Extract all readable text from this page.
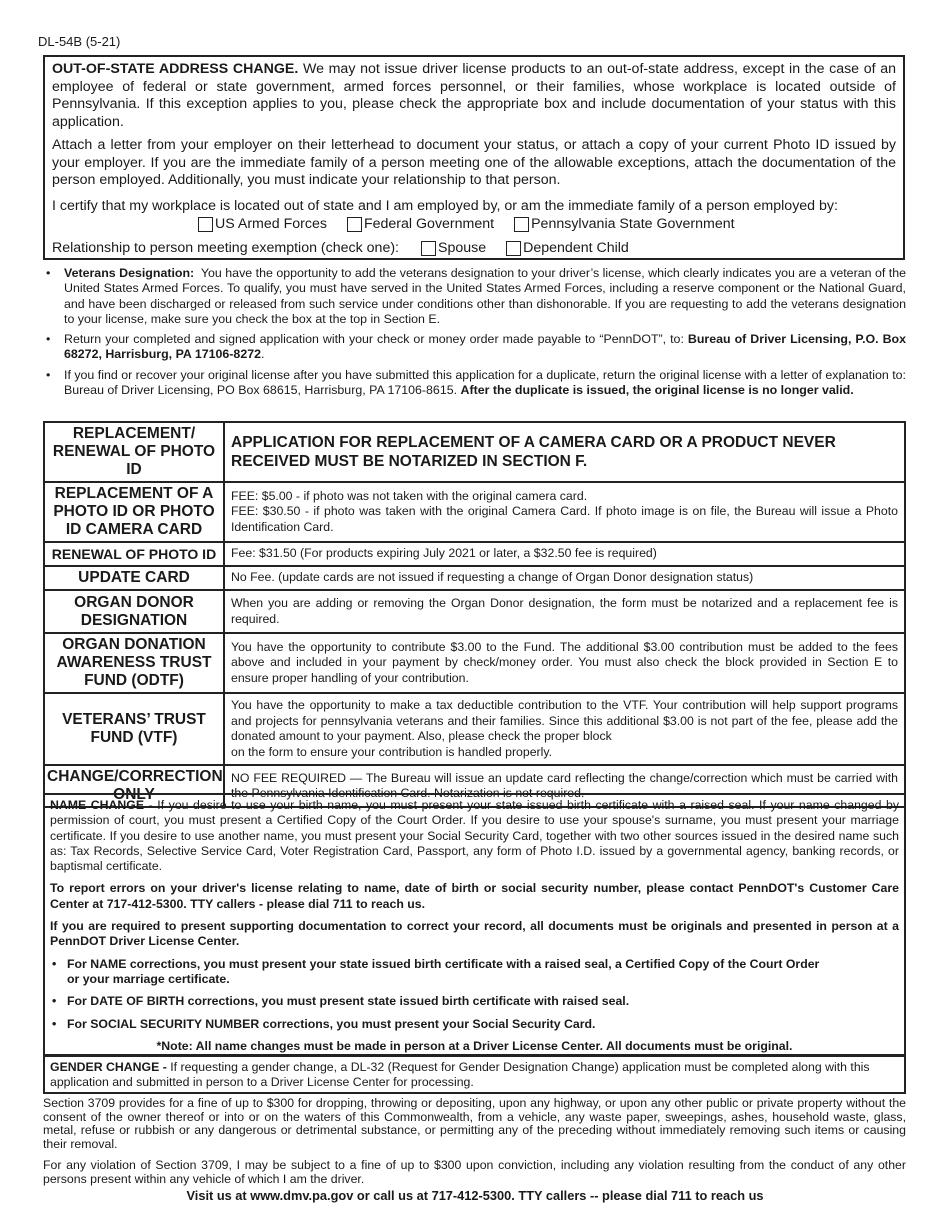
DL-54B (5-21)

OUT-OF-STATE ADDRESS CHANGE. We may not issue driver license products to an out-of-state address, except in the case of an employee of federal or state government, armed forces personnel, or their families, whose workplace is located outside of Pennsylvania. If this exception applies to you, please check the appropriate box and include documentation of your status with this application.

Attach a letter from your employer on their letterhead to document your status, or attach a copy of your current Photo ID issued by your employer. If you are the immediate family of a person meeting one of the allowable exceptions, attach the documentation of the person employed. Additionally, you must indicate your relationship to that person.

I certify that my workplace is located out of state and I am employed by, or am the immediate family of a person employed by:
US Armed Forces	Federal Government	Pennsylvania State Government
Relationship to person meeting exemption (check one):	Spouse	Dependent Child
• Veterans Designation: You have the opportunity to add the veterans designation to your driver’s license, which clearly indicates you are a veteran of the United States Armed Forces. To qualify, you must have served in the United States Armed Forces, including a reserve component or the National Guard, and have been discharged or released from such service under conditions other than dishonorable. If you are requesting to add the veterans designation to your license, make sure you check the box at the top in Section E.
• Return your completed and signed application with your check or money order made payable to “PennDOT”, to: Bureau of Driver Licensing, P.O. Box 68272, Harrisburg, PA 17106-8272.
• If you find or recover your original license after you have submitted this application for a duplicate, return the original license with a letter of explanation to: Bureau of Driver Licensing, PO Box 68615, Harrisburg, PA 17106-8615. After the duplicate is issued, the original license is no longer valid.
REPLACEMENT/ RENEWAL OF PHOTO ID	APPLICATION FOR REPLACEMENT OF A CAMERA CARD OR A PRODUCT NEVER RECEIVED MUST BE NOTARIZED IN SECTION F.
REPLACEMENT OF A PHOTO ID OR PHOTO ID CAMERA CARD	FEE: $5.00 - if photo was not taken with the original camera card.
FEE: $30.50 - if photo was taken with the original Camera Card. If photo image is on file, the Bureau will issue a Photo Identification Card.

RENEWAL OF PHOTO ID	Fee: $31.50 (For products expiring July 2021 or later, a $32.50 fee is required)
UPDATE CARD	No Fee. (update cards are not issued if requesting a change of Organ Donor designation status)
ORGAN DONOR DESIGNATION	When you are adding or removing the Organ Donor designation, the form must be notarized and a replacement fee is required.
ORGAN DONATION AWARENESS TRUST FUND (ODTF)	You have the opportunity to contribute $3.00 to the Fund. The additional $3.00 contribution must be added to the fees above and included in your payment by check/money order. You must also check the block provided in Section E to ensure proper handling of your contribution.
VETERANS’ TRUST FUND (VTF)	You have the opportunity to make a tax deductible contribution to the VTF. Your contribution will help support programs and projects for pennsylvania veterans and their families. Since this additional $3.00 is not part of the fee, please add the donated amount to your payment. Also, please check the proper block
on the form to ensure your contribution is handled properly.

CHANGE/CORRECTION ONLY	NO FEE REQUIRED — The Bureau will issue an update card reflecting the change/correction which must be carried with the Pennsylvania Identification Card. Notarization is not required.

NAME CHANGE - If you desire to use your birth name, you must present your state issued birth certificate with a raised seal. If your name changed by permission of court, you must present a Certified Copy of the Court Order. If you desire to use your spouse's surname, you must present your marriage certificate. If you desire to use another name, you must present your Social Security Card, together with two other sources issued in the desired name such as: Tax Records, Selective Service Card, Voter Registration Card, Passport, any form of Photo I.D. issued by a governmental agency, banking records, or baptismal certificate.

To report errors on your driver's license relating to name, date of birth or social security number, please contact PennDOT's Customer Care Center at 717-412-5300. TTY callers - please dial 711 to reach us.

If you are required to present supporting documentation to correct your record, all documents must be originals and presented in person at a PennDOT Driver License Center.

• For NAME corrections, you must present your state issued birth certificate with a raised seal, a Certified Copy of the Court Order or your marriage certificate.
• For DATE OF BIRTH corrections, you must present state issued birth certificate with raised seal.
• For SOCIAL SECURITY NUMBER corrections, you must present your Social Security Card.
*Note: All name changes must be made in person at a Driver License Center. All documents must be original.
GENDER CHANGE - If requesting a gender change, a DL-32 (Request for Gender Designation Change) application must be completed along with this application and submitted in person to a Driver License Center for processing.

Section 3709 provides for a fine of up to $300 for dropping, throwing or depositing, upon any highway, or upon any other public or private property without the consent of the owner thereof or into or on the waters of this Commonwealth, from a vehicle, any waste paper, sweepings, ashes, household waste, glass, metal, refuse or rubbish or any dangerous or detrimental substance, or permitting any of the preceding without immediately removing such items or causing their removal.

For any violation of Section 3709, I may be subject to a fine of up to $300 upon conviction, including any violation resulting from the conduct of any other persons present within any vehicle of which I am the driver.

Visit us at www.dmv.pa.gov or call us at 717-412-5300. TTY callers -- please dial 711 to reach us
